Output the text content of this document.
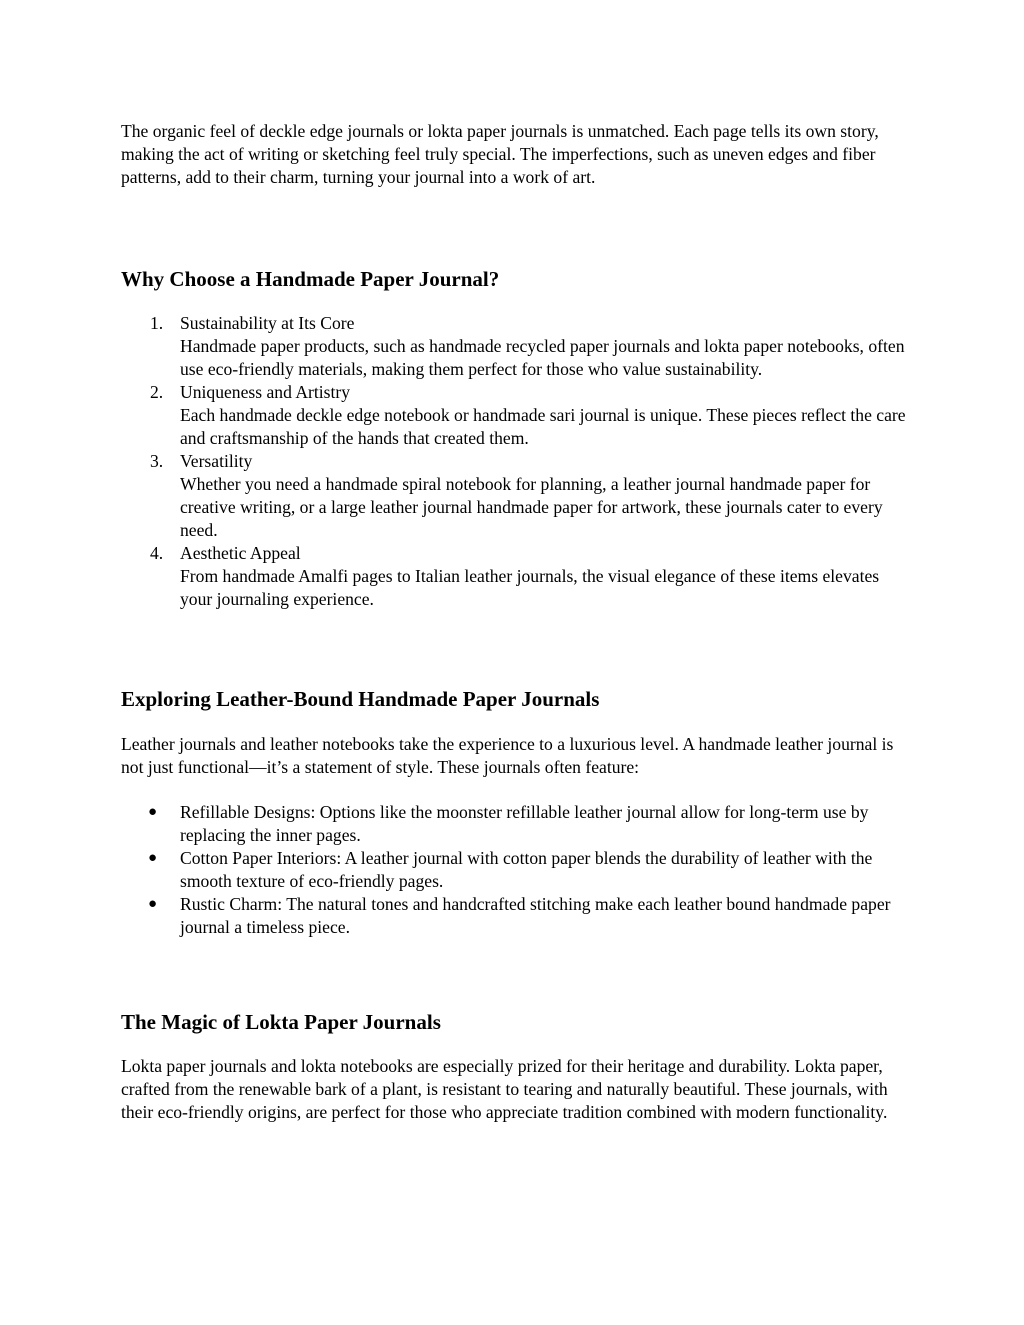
The organic feel of deckle edge journals or lokta paper journals is unmatched. Each page tells its own story, making the act of writing or sketching feel truly special. The imperfections, such as uneven edges and fiber patterns, add to their charm, turning your journal into a work of art.

Why Choose a Handmade Paper Journal?
1. Sustainability at Its Core
Handmade paper products, such as handmade recycled paper journals and lokta paper notebooks, often use eco-friendly materials, making them perfect for those who value sustainability.
2. Uniqueness and Artistry
Each handmade deckle edge notebook or handmade sari journal is unique. These pieces reflect the care and craftsmanship of the hands that created them.
3. Versatility
Whether you need a handmade spiral notebook for planning, a leather journal handmade paper for creative writing, or a large leather journal handmade paper for artwork, these journals cater to every need.
4. Aesthetic Appeal
From handmade Amalfi pages to Italian leather journals, the visual elegance of these items elevates your journaling experience.
Exploring Leather-Bound Handmade Paper Journals

Leather journals and leather notebooks take the experience to a luxurious level. A handmade leather journal is not just functional—it’s a statement of style. These journals often feature:

● Refillable Designs: Options like the moonster refillable leather journal allow for long-term use by replacing the inner pages.
● Cotton Paper Interiors: A leather journal with cotton paper blends the durability of leather with the smooth texture of eco-friendly pages.
● Rustic Charm: The natural tones and handcrafted stitching make each leather bound handmade paper journal a timeless piece.
The Magic of Lokta Paper Journals

Lokta paper journals and lokta notebooks are especially prized for their heritage and durability. Lokta paper, crafted from the renewable bark of a plant, is resistant to tearing and naturally beautiful. These journals, with their eco-friendly origins, are perfect for those who appreciate tradition combined with modern functionality.
